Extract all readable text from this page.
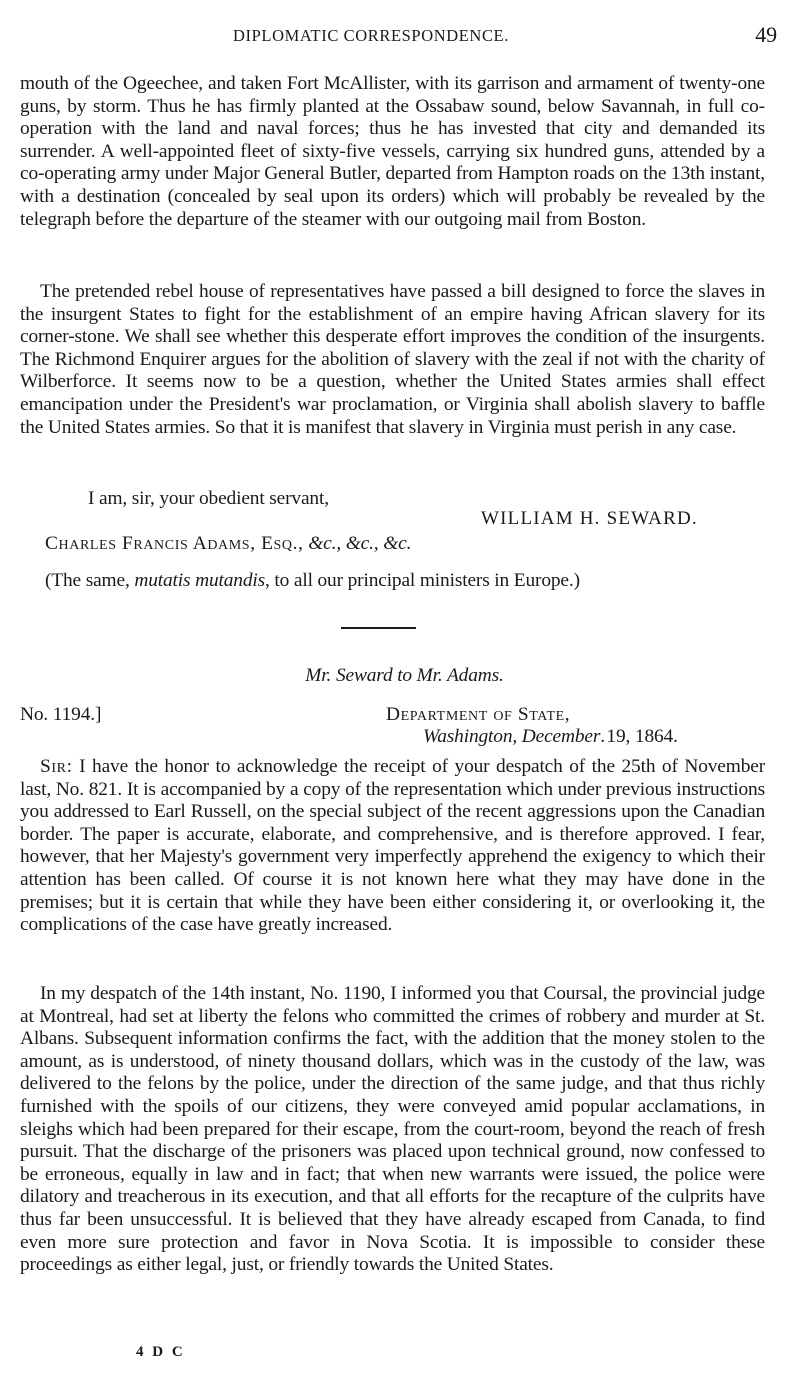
DIPLOMATIC CORRESPONDENCE.	49

mouth of the Ogeechee, and taken Fort McAllister, with its garrison and armament of twenty-one guns, by storm. Thus he has firmly planted at the Ossabaw sound, below Savannah, in full co-operation with the land and naval forces; thus he has invested that city and demanded its surrender. A well-appointed fleet of sixty-five vessels, carrying six hundred guns, attended by a co-operating army under Major General Butler, departed from Hampton roads on the 13th instant, with a destination (concealed by seal upon its orders) which will probably be revealed by the telegraph before the departure of the steamer with our outgoing mail from Boston.

The pretended rebel house of representatives have passed a bill designed to force the slaves in the insurgent States to fight for the establishment of an empire having African slavery for its corner-stone. We shall see whether this desperate effort improves the condition of the insurgents. The Richmond Enquirer argues for the abolition of slavery with the zeal if not with the charity of Wilberforce. It seems now to be a question, whether the United States armies shall effect emancipation under the President's war proclamation, or Virginia shall abolish slavery to baffle the United States armies. So that it is manifest that slavery in Virginia must perish in any case.

I am, sir, your obedient servant,
WILLIAM H. SEWARD.
Charles Francis Adams, Esq., &c., &c., &c.
(The same, mutatis mutandis, to all our principal ministers in Europe.)
Mr. Seward to Mr. Adams.
No. 1194.]	Department of State,
Washington, December. 19, 1864.

Sir: I have the honor to acknowledge the receipt of your despatch of the 25th of November last, No. 821. It is accompanied by a copy of the representation which under previous instructions you addressed to Earl Russell, on the special subject of the recent aggressions upon the Canadian border. The paper is accurate, elaborate, and comprehensive, and is therefore approved. I fear, however, that her Majesty's government very imperfectly apprehend the exigency to which their attention has been called. Of course it is not known here what they may have done in the premises; but it is certain that while they have been either considering it, or overlooking it, the complications of the case have greatly increased.

In my despatch of the 14th instant, No. 1190, I informed you that Coursal, the provincial judge at Montreal, had set at liberty the felons who committed the crimes of robbery and murder at St. Albans. Subsequent information confirms the fact, with the addition that the money stolen to the amount, as is understood, of ninety thousand dollars, which was in the custody of the law, was delivered to the felons by the police, under the direction of the same judge, and that thus richly furnished with the spoils of our citizens, they were conveyed amid popular acclamations, in sleighs which had been prepared for their escape, from the court-room, beyond the reach of fresh pursuit. That the discharge of the prisoners was placed upon technical ground, now confessed to be erroneous, equally in law and in fact; that when new warrants were issued, the police were dilatory and treacherous in its execution, and that all efforts for the recapture of the culprits have thus far been unsuccessful. It is believed that they have already escaped from Canada, to find even more sure protection and favor in Nova Scotia. It is impossible to consider these proceedings as either legal, just, or friendly towards the United States.

4 D C
